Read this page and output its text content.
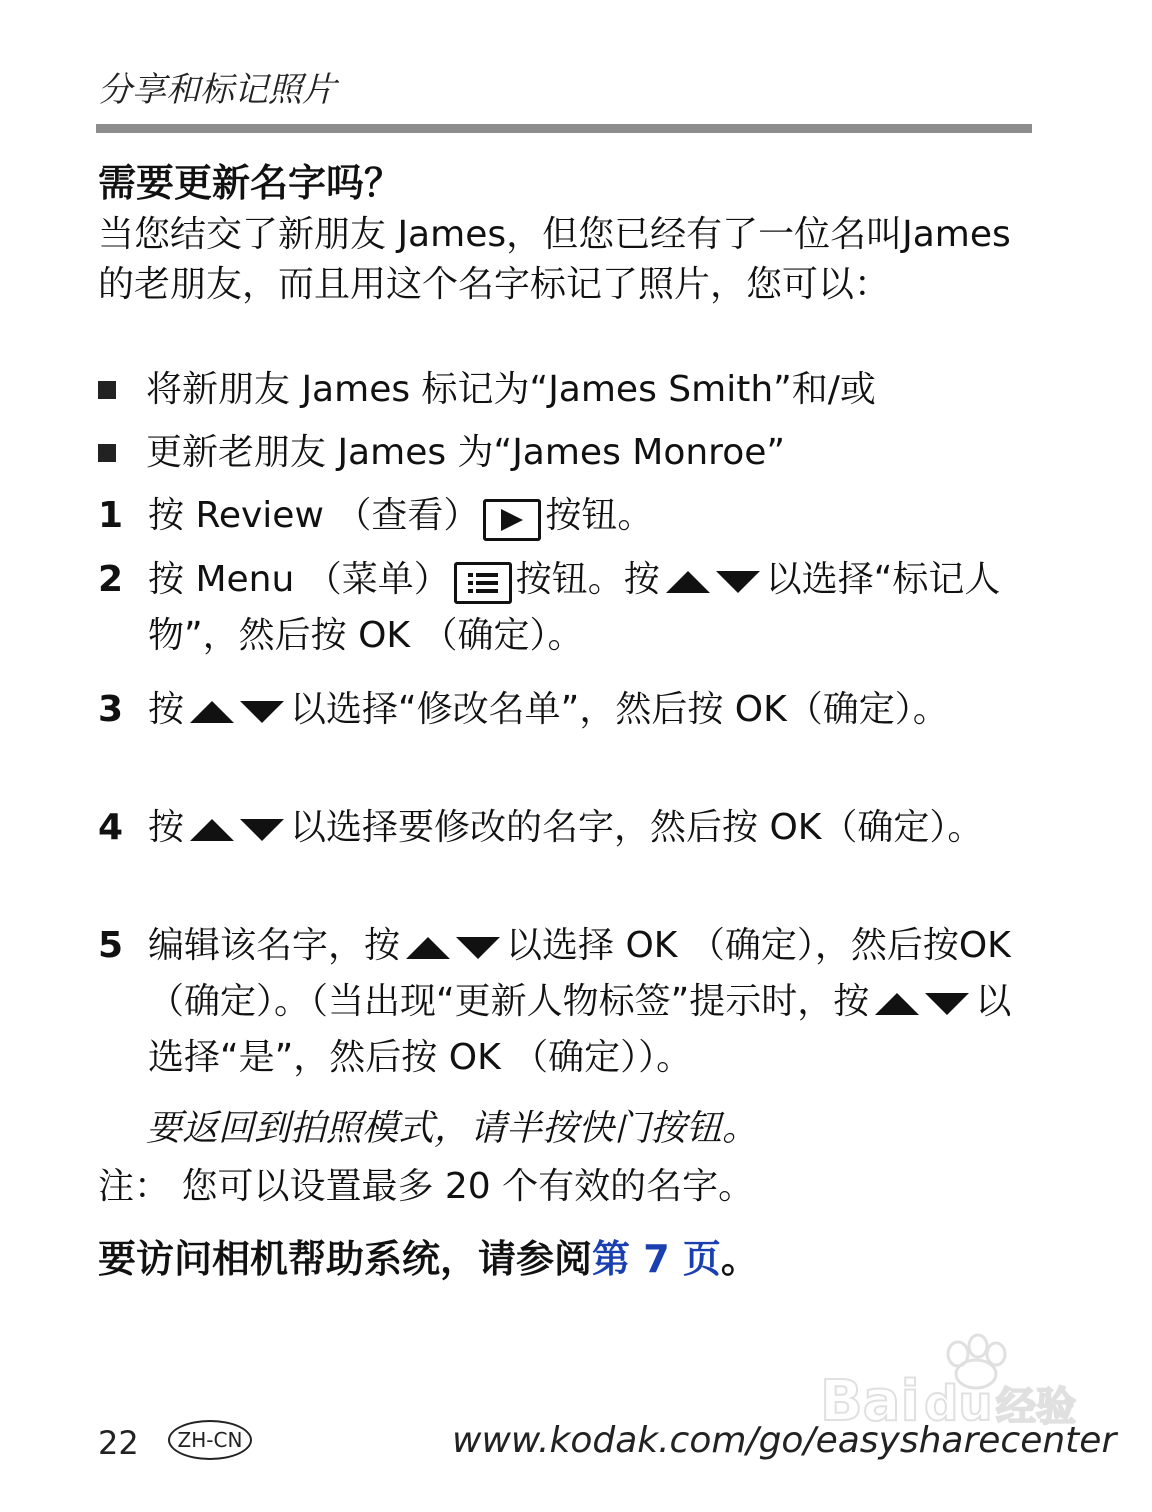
分享和标记照片
需要更新名字吗？
当您结交了新朋友 James，但您已经有了一位名叫James 的老朋友，而且用这个名字标记了照片，您可以：
将新朋友 James 标记为“James Smith”和/或
更新老朋友 James 为“James Monroe”
1 按 Review （查看） 按钮。
2 按 Menu （菜单） 按钮。按	以选择“标记人物”，然后按 OK （确定）。
3 按	以选择“修改名单”，然后按 OK（确定）。
4 按	以选择要修改的名字，然后按 OK（确定）。
5 编辑该名字，按	以选择 OK （确定），然后按OK （确定）。（当出现“更新人物标签”提示时，按	以选择“是”，然后按 OK （确定））。
要返回到拍照模式，请半按快门按钮。
注： 您可以设置最多 20 个有效的名字。
要访问相机帮助系统，请参阅第 7 页。
22	ZH-CN	www.kodak.com/go/easysharecenter
Bai du 经验
